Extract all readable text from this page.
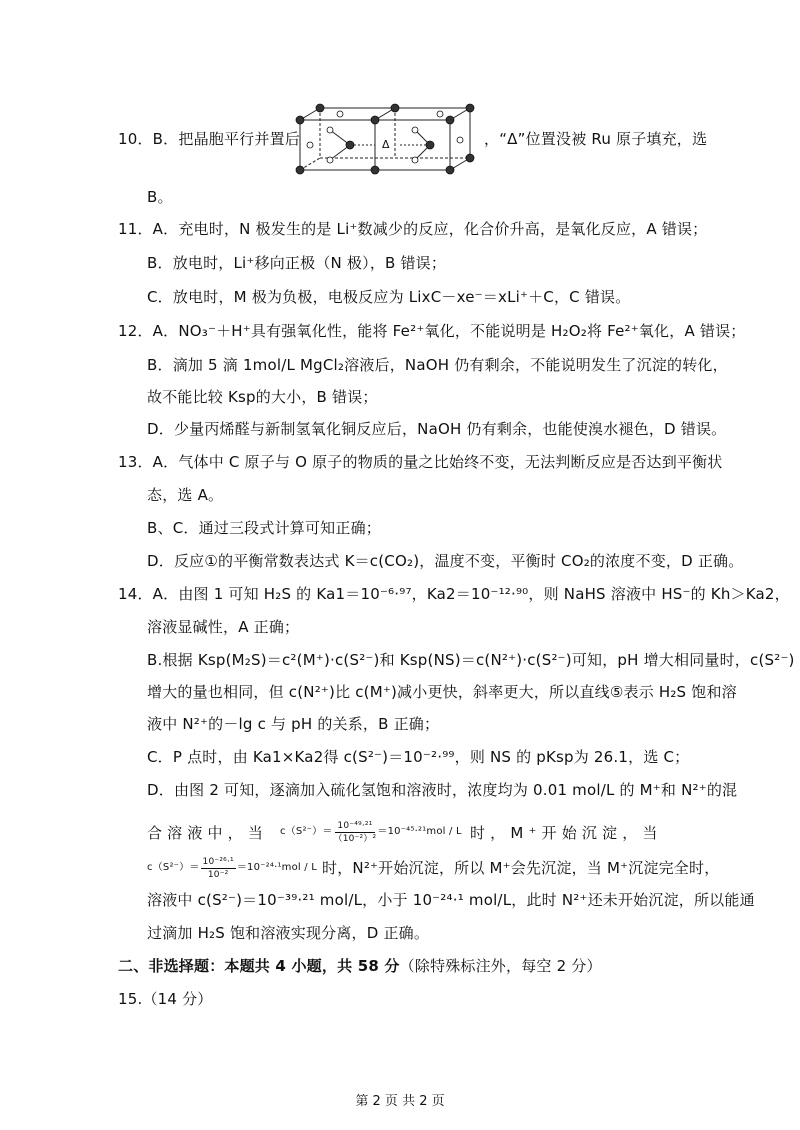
10．B．把晶胞平行并置后	Δ	，“Δ”位置没被 Ru 原子填充，选
B。
11．A．充电时，N 极发生的是 Li⁺数减少的反应，化合价升高，是氧化反应，A 错误；
B．放电时，Li⁺移向正极（N 极），B 错误；
C．放电时，M 极为负极，电极反应为 LixC－xe⁻＝xLi⁺＋C，C 错误。
12．A．NO₃⁻＋H⁺具有强氧化性，能将 Fe²⁺氧化，不能说明是 H₂O₂将 Fe²⁺氧化，A 错误；
B．滴加 5 滴 1mol/L MgCl₂溶液后，NaOH 仍有剩余，不能说明发生了沉淀的转化，
故不能比较 Ksp的大小，B 错误；
D．少量丙烯醛与新制氢氧化铜反应后，NaOH 仍有剩余，也能使溴水褪色，D 错误。
13．A．气体中 C 原子与 O 原子的物质的量之比始终不变，无法判断反应是否达到平衡状
态，选 A。
B、C．通过三段式计算可知正确；
D．反应①的平衡常数表达式 K＝c(CO₂)，温度不变，平衡时 CO₂的浓度不变，D 正确。
14．A．由图 1 可知 H₂S 的 Ka1＝10⁻⁶·⁹⁷，Ka2＝10⁻¹²·⁹⁰，则 NaHS 溶液中 HS⁻的 Kh＞Ka2，
溶液显碱性，A 正确；
B.根据 Ksp(M₂S)＝c²(M⁺)·c(S²⁻)和 Ksp(NS)＝c(N²⁺)·c(S²⁻)可知，pH 增大相同量时，c(S²⁻)
增大的量也相同，但 c(N²⁺)比 c(M⁺)减小更快，斜率更大，所以直线⑤表示 H₂S 饱和溶
液中 N²⁺的－lg c 与 pH 的关系，B 正确；
C．P 点时，由 Ka1×Ka2得 c(S²⁻)＝10⁻²·⁹⁹，则 NS 的 pKsp为 26.1，选 C；
D．由图 2 可知，逐滴加入硫化氢饱和溶液时，浓度均为 0.01 mol/L 的 M⁺和 N²⁺的混
合 溶 液 中 ， 当 $c(S^{2-})= \frac{\text{10⁻⁴⁹·²¹}}{\text{（10⁻²）²}} =10^{-45}\cdot^{21}mol / L$ 时 ， M ⁺ 开 始 沉 淀 ， 当
$c(S^{2-})= \frac{\text{10⁻²⁶·¹}}{\text{10⁻²}} =10^{-24}\cdot^1mol / L$ 时，N²⁺开始沉淀，所以 M⁺会先沉淀，当 M⁺沉淀完全时，
溶液中 c(S²⁻)＝10⁻³⁹·²¹ mol/L，小于 10⁻²⁴·¹ mol/L，此时 N²⁺还未开始沉淀，所以能通
过滴加 H₂S 饱和溶液实现分离，D 正确。
二、非选择题：本题共 4 小题，共 58 分（除特殊标注外，每空 2 分）
15.（14 分）
第 2 页 共 2 页
